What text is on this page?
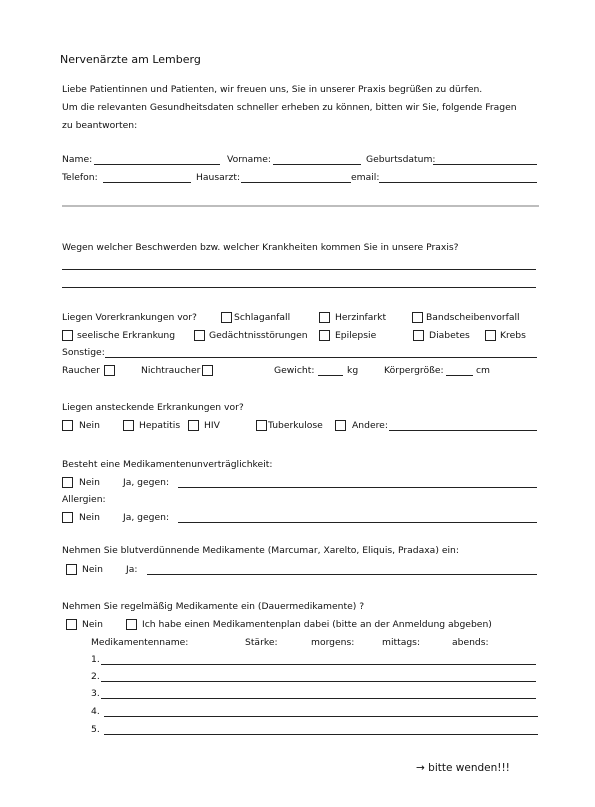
Nervenärzte am Lemberg
Liebe Patientinnen und Patienten, wir freuen uns, Sie in unserer Praxis begrüßen zu dürfen.
Um die relevanten Gesundheitsdaten schneller erheben zu können, bitten wir Sie, folgende Fragen
zu beantworten:
Name:	Vorname:	Geburtsdatum:
Telefon:	Hausarzt:	email:
Wegen welcher Beschwerden bzw. welcher Krankheiten kommen Sie in unsere Praxis?
Liegen Vorerkrankungen vor?	Schlaganfall	Herzinfarkt	Bandscheibenvorfall
seelische Erkrankung	Gedächtnisstörungen	Epilepsie	Diabetes	Krebs
Sonstige:
Raucher	Nichtraucher	Gewicht:	kg	Körpergröße:	cm
Liegen ansteckende Erkrankungen vor?
Nein	Hepatitis	HIV	Tuberkulose	Andere:
Besteht eine Medikamentenunverträglichkeit:
Nein	Ja, gegen:
Allergien:
Nein	Ja, gegen:
Nehmen Sie blutverdünnende Medikamente (Marcumar, Xarelto, Eliquis, Pradaxa) ein:
Nein	Ja:
Nehmen Sie regelmäßig Medikamente ein (Dauermedikamente) ?
Nein	Ich habe einen Medikamentenplan dabei (bitte an der Anmeldung abgeben)
Medikamentenname:	Stärke:	morgens:	mittags:	abends:
1.
2.
3.
4.
5.
→ bitte wenden!!!
